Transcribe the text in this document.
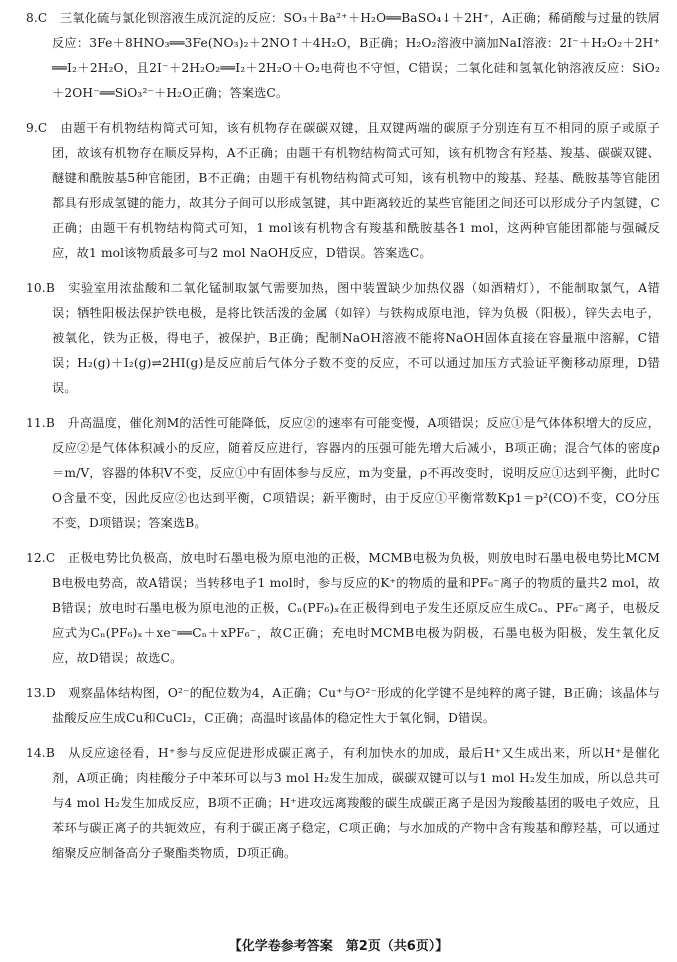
8.C　 三氧化硫与氯化钡溶液生成沉淀的反应：SO₃＋Ba²⁺＋H₂O══BaSO₄↓＋2H⁺，A正确；稀硝酸与过量的铁屑反应：3Fe＋8HNO₃══3Fe(NO₃)₂＋2NO↑＋4H₂O，B正确；H₂O₂溶液中滴加NaI溶液：2I⁻＋H₂O₂＋2H⁺══I₂＋2H₂O，且2I⁻＋2H₂O₂══I₂＋2H₂O＋O₂电荷也不守恒，C错误；二氧化硅和氢氧化钠溶液反应：SiO₂＋2OH⁻══SiO₃²⁻＋H₂O正确；答案选C。

9.C　 由题干有机物结构简式可知，该有机物存在碳碳双键，且双键两端的碳原子分别连有互不相同的原子或原子团，故该有机物存在顺反异构，A不正确；由题干有机物结构简式可知，该有机物含有羟基、羧基、碳碳双键、醚键和酰胺基5种官能团，B不正确；由题干有机物结构简式可知，该有机物中的羧基、羟基、酰胺基等官能团都具有形成氢键的能力，故其分子间可以形成氢键，其中距离较近的某些官能团之间还可以形成分子内氢键，C正确；由题干有机物结构简式可知，1 mol该有机物含有羧基和酰胺基各1 mol，这两种官能团都能与强碱反应，故1 mol该物质最多可与2 mol NaOH反应，D错误。答案选C。

10.B　 实验室用浓盐酸和二氧化锰制取氯气需要加热，图中装置缺少加热仪器（如酒精灯），不能制取氯气，A错误；牺牲阳极法保护铁电极，是将比铁活泼的金属（如锌）与铁构成原电池，锌为负极（阳极），锌失去电子，被氧化，铁为正极，得电子，被保护，B正确；配制NaOH溶液不能将NaOH固体直接在容量瓶中溶解，C错误；H₂(g)＋I₂(g)⇌2HI(g)是反应前后气体分子数不变的反应，不可以通过加压方式验证平衡移动原理，D错误。

11.B　 升高温度，催化剂M的活性可能降低，反应②的速率有可能变慢，A项错误；反应①是气体体积增大的反应，反应②是气体体积减小的反应，随着反应进行，容器内的压强可能先增大后减小，B项正确；混合气体的密度ρ＝m/V，容器的体积V不变，反应①中有固体参与反应，m为变量，ρ不再改变时，说明反应①达到平衡，此时CO含量不变，因此反应②也达到平衡，C项错误；新平衡时，由于反应①平衡常数Kp1＝p²(CO)不变，CO分压不变，D项错误；答案选B。

12.C　 正极电势比负极高，放电时石墨电极为原电池的正极，MCMB电极为负极，则放电时石墨电极电势比MCMB电极电势高，故A错误；当转移电子1 mol时，参与反应的K⁺的物质的量和PF₆⁻离子的物质的量共2 mol，故B错误；放电时石墨电极为原电池的正极，Cₙ(PF₆)ₓ在正极得到电子发生还原反应生成Cₙ、PF₆⁻离子，电极反应式为Cₙ(PF₆)ₓ＋xe⁻══Cₙ＋xPF₆⁻，故C正确；充电时MCMB电极为阴极，石墨电极为阳极，发生氧化反应，故D错误；故选C。

13.D　 观察晶体结构图，O²⁻的配位数为4，A正确；Cu⁺与O²⁻形成的化学键不是纯粹的离子键，B正确；该晶体与盐酸反应生成Cu和CuCl₂，C正确；高温时该晶体的稳定性大于氧化铜，D错误。

14.B　 从反应途径看，H⁺参与反应促进形成碳正离子，有利加快水的加成，最后H⁺又生成出来，所以H⁺是催化剂，A项正确；肉桂酸分子中苯环可以与3 mol H₂发生加成，碳碳双键可以与1 mol H₂发生加成，所以总共可与4 mol H₂发生加成反应，B项不正确；H⁺进攻远离羧酸的碳生成碳正离子是因为羧酸基团的吸电子效应，且苯环与碳正离子的共轭效应，有利于碳正离子稳定，C项正确；与水加成的产物中含有羧基和醇羟基，可以通过缩聚反应制备高分子聚酯类物质，D项正确。

【化学卷参考答案　第2页（共6页）】
